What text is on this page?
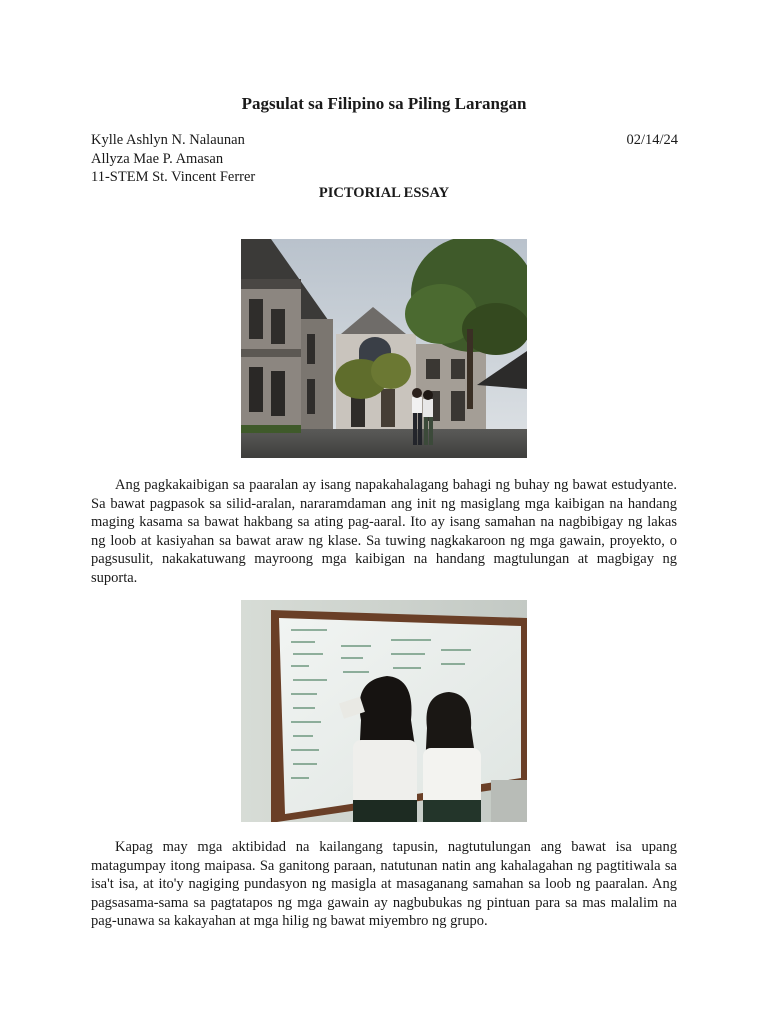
Pagsulat sa Filipino sa Piling Larangan
Kylle Ashlyn N. Nalaunan
Allyza Mae P. Amasan
11-STEM St. Vincent Ferrer
02/14/24
PICTORIAL ESSAY

Ang pagkakaibigan sa paaralan ay isang napakahalagang bahagi ng buhay ng bawat estudyante. Sa bawat pagpasok sa silid-aralan, nararamdaman ang init ng masiglang mga kaibigan na handang maging kasama sa bawat hakbang sa ating pag-aaral. Ito ay isang samahan na nagbibigay ng lakas ng loob at kasiyahan sa bawat araw ng klase. Sa tuwing nagkakaroon ng mga gawain, proyekto, o pagsusulit, nakakatuwang mayroong mga kaibigan na handang magtulungan at magbigay ng suporta.

Kapag may mga aktibidad na kailangang tapusin, nagtutulungan ang bawat isa upang matagumpay itong maipasa. Sa ganitong paraan, natutunan natin ang kahalagahan ng pagtitiwala sa isa't isa, at ito'y nagiging pundasyon ng masigla at masaganang samahan sa loob ng paaralan. Ang pagsasama-sama sa pagtatapos ng mga gawain ay nagbubukas ng pintuan para sa mas malalim na pag-unawa sa kakayahan at mga hilig ng bawat miyembro ng grupo.
